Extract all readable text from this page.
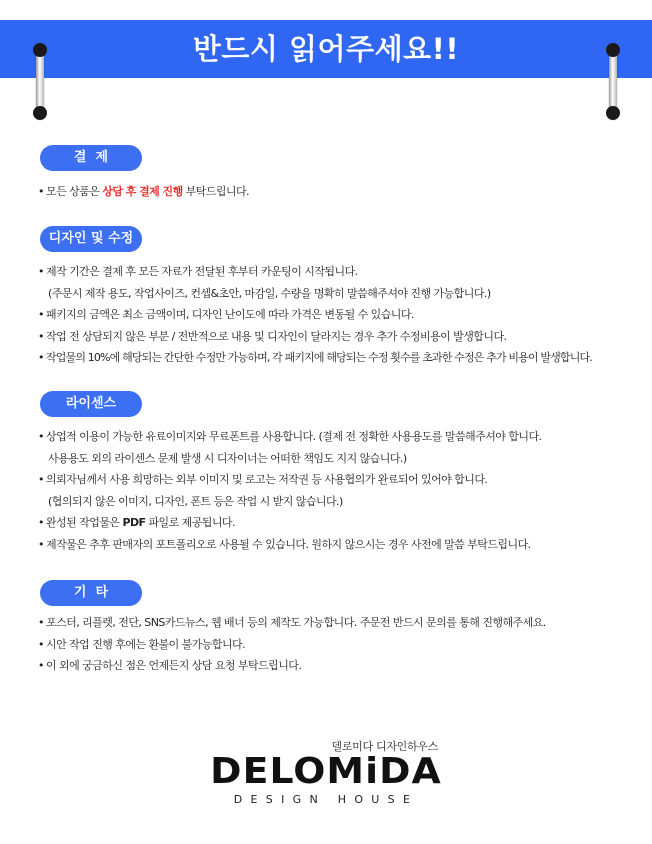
반드시 읽어주세요!!
결  제
• 모든 상품은 상담 후 결제 진행 부탁드립니다.
디자인 및 수정
• 제작 기간은 결제 후 모든 자료가 전달된 후부터 카운팅이 시작됩니다.
(주문시 제작 용도, 작업사이즈, 컨셉&초안, 마감일, 수량을 명확히 말씀해주셔야 진행 가능합니다.)
• 패키지의 금액은 최소 금액이며, 디자인 난이도에 따라 가격은 변동될 수 있습니다.
• 작업 전 상담되지 않은 부분 / 전반적으로 내용 및 디자인이 달라지는 경우 추가 수정비용이 발생합니다.
• 작업물의 10%에 해당되는 간단한 수정만 가능하며, 각 패키지에 해당되는 수정 횟수를 초과한 수정은 추가 비용이 발생합니다.
라이센스
• 상업적 이용이 가능한 유료이미지와 무료폰트를 사용합니다. (결제 전 정확한 사용용도를 말씀해주셔야 합니다.
사용용도 외의 라이센스 문제 발생 시 디자이너는 어떠한 책임도 지지 않습니다.)
• 의뢰자님께서 사용 희망하는 외부 이미지 및 로고는 저작권 등 사용협의가 완료되어 있어야 합니다.
(협의되지 않은 이미지, 디자인, 폰트 등은 작업 시 받지 않습니다.)
• 완성된 작업물은 PDF 파일로 제공됩니다.
• 제작물은 추후 판매자의 포트폴리오로 사용될 수 있습니다. 원하지 않으시는 경우 사전에 말씀 부탁드립니다.
기  타
• 포스터, 리플렛, 전단, SNS카드뉴스, 웹 배너 등의 제작도 가능합니다. 주문전 반드시 문의를 통해 진행해주세요.
• 시안 작업 진행 후에는 환불이 불가능합니다.
• 이 외에 궁금하신 점은 언제든지 상담 요청 부탁드립니다.
델로미다 디자인하우스
DELOMiDA
DESIGN HOUSE
